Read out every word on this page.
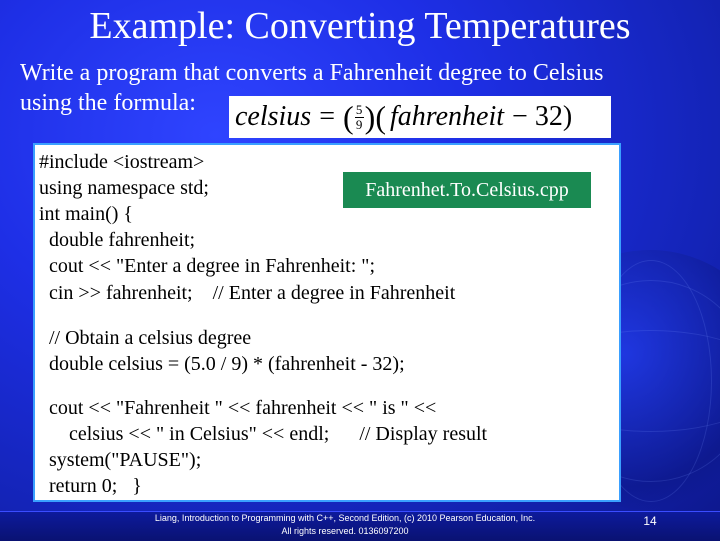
Example: Converting Temperatures
Write a program that converts a Fahrenheit degree to Celsius
using the formula:	celsius = ( $\frac{5}{9}$ )( fahrenheit − 32)
#include <iostream>
using namespace std;
int main() {
double fahrenheit;
cout << "Enter a degree in Fahrenheit: ";
cin >> fahrenheit;    // Enter a degree in Fahrenheit
// Obtain a celsius degree
double celsius = (5.0 / 9) * (fahrenheit - 32);
cout << "Fahrenheit " << fahrenheit << " is " <<
celsius << " in Celsius" << endl;      // Display result
system("PAUSE");
return 0;   }
Fahrenhet.To.Celsius.cpp
Liang, Introduction to Programming with C++, Second Edition, (c) 2010 Pearson Education, Inc.
All rights reserved. 0136097200
14
